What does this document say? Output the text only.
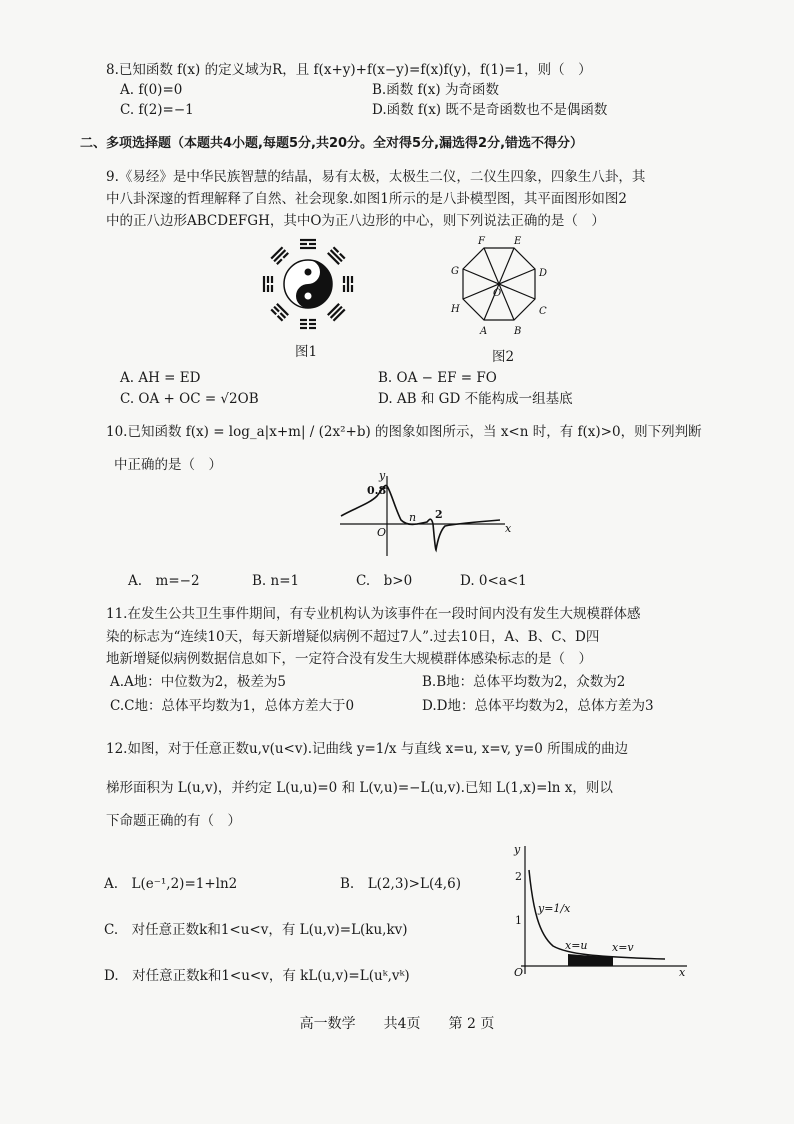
8.已知函数 f(x) 的定义域为R，且 f(x+y)+f(x−y)=f(x)f(y)，f(1)=1，则（　）
A. f(0)=0	B.函数 f(x) 为奇函数
C. f(2)=−1	D.函数 f(x) 既不是奇函数也不是偶函数
二、多项选择题（本题共4小题,每题5分,共20分。全对得5分,漏选得2分,错选不得分）
9.《易经》是中华民族智慧的结晶，易有太极，太极生二仪，二仪生四象，四象生八卦，其
中八卦深邃的哲理解释了自然、社会现象.如图1所示的是八卦模型图，其平面图形如图2
中的正八边形ABCDEFGH，其中O为正八边形的中心，则下列说法正确的是（　）
图1
A	B
C
D
E
F
G
H
O
图2
A. AH = ED	B. OA − EF = FO
C. OA + OC = √2OB	D. AB 和 GD 不能构成一组基底
10.已知函数 f(x) = log_a|x+m| / (2x²+b) 的图象如图所示，当 x<n 时，有 f(x)>0，则下列判断
中正确的是（　）
y
x
O
0.8
n 2
A.　m=−2	B. n=1	C.　b>0	D. 0<a<1
11.在发生公共卫生事件期间，有专业机构认为该事件在一段时间内没有发生大规模群体感
染的标志为“连续10天，每天新增疑似病例不超过7人”.过去10日，A、B、C、D四
地新增疑似病例数据信息如下，一定符合没有发生大规模群体感染标志的是（　）
A.A地：中位数为2，极差为5	B.B地：总体平均数为2，众数为2
C.C地：总体平均数为1，总体方差大于0	D.D地：总体平均数为2，总体方差为3
12.如图，对于任意正数u,v(u<v).记曲线 y=1/x 与直线 x=u, x=v, y=0 所围成的曲边
梯形面积为 L(u,v)，并约定 L(u,u)=0 和 L(v,u)=−L(u,v).已知 L(1,x)=ln x，则以
下命题正确的有（　）
A.　L(e⁻¹,2)=1+ln2	B.　L(2,3)>L(4,6)
C.　对任意正数k和1<u<v，有 L(u,v)=L(ku,kv)
D.　对任意正数k和1<u<v，有 kL(u,v)=L(uᵏ,vᵏ)
y
x
O
2
1
y=1/x
x=u x=v
高一数学　　共4页　　第 2 页
